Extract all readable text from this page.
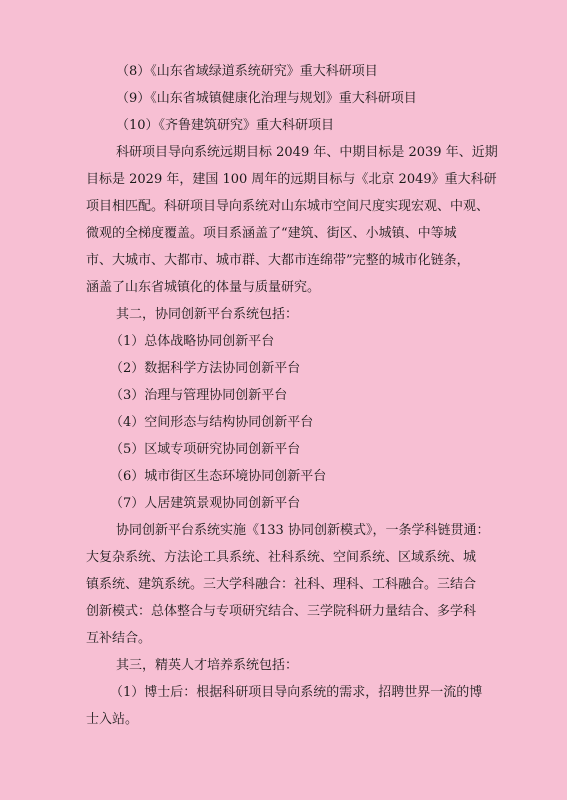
（8）《山东省域绿道系统研究》重大科研项目
（9）《山东省城镇健康化治理与规划》重大科研项目
（10）《齐鲁建筑研究》重大科研项目
科研项目导向系统远期目标 2049 年、中期目标是 2039 年、近期
目标是 2029 年，建国 100 周年的远期目标与《北京 2049》重大科研
项目相匹配。科研项目导向系统对山东城市空间尺度实现宏观、中观、
微观的全梯度覆盖。项目系涵盖了“建筑、街区、小城镇、中等城
市、大城市、大都市、城市群、大都市连绵带”完整的城市化链条，
涵盖了山东省城镇化的体量与质量研究。
其二，协同创新平台系统包括：
（1）总体战略协同创新平台
（2）数据科学方法协同创新平台
（3）治理与管理协同创新平台
（4）空间形态与结构协同创新平台
（5）区域专项研究协同创新平台
（6）城市街区生态环境协同创新平台
（7）人居建筑景观协同创新平台
协同创新平台系统实施《133 协同创新模式》，一条学科链贯通：
大复杂系统、方法论工具系统、社科系统、空间系统、区域系统、城
镇系统、建筑系统。三大学科融合：社科、理科、工科融合。三结合
创新模式：总体整合与专项研究结合、三学院科研力量结合、多学科
互补结合。
其三，精英人才培养系统包括：
（1）博士后：根据科研项目导向系统的需求，招聘世界一流的博
士入站。
